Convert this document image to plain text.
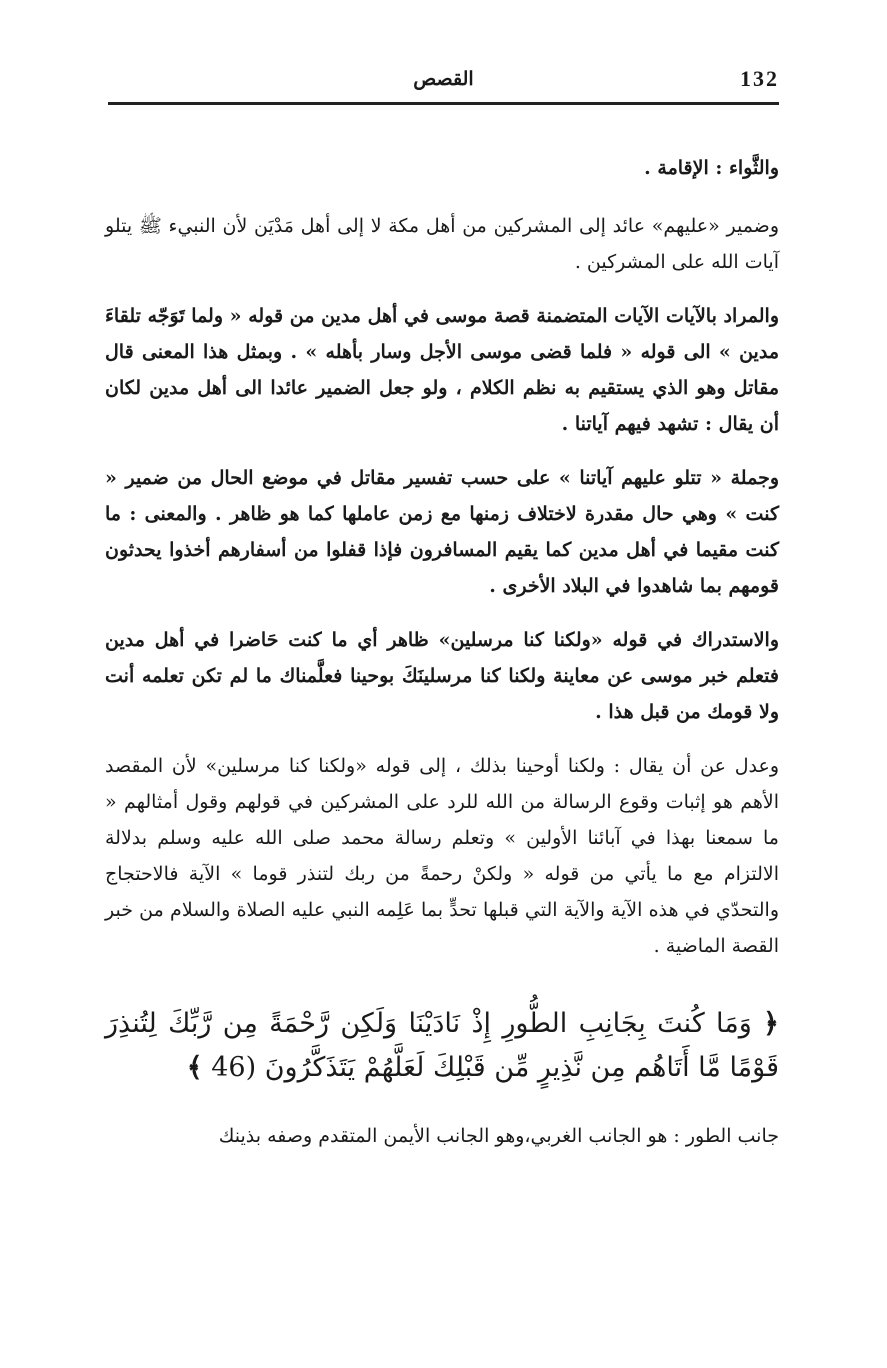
132
القصص

والثَّواء : الإقامة .

وضمير «عليهم» عائد إلى المشركين من أهل مكة لا إلى أهل مَدْيَن لأن النبيء ﷺ يتلو آيات الله على المشركين .

والمراد بالآيات الآيات المتضمنة قصة موسى في أهل مدين من قوله « ولما تَوَجّه تلقاءَ مدين » الى قوله « فلما قضى موسى الأجل وسار بأهله » . وبمثل هذا المعنى قال مقاتل وهو الذي يستقيم به نظم الكلام ، ولو جعل الضمير عائدا الى أهل مدين لكان أن يقال : تشهد فيهم آياتنا .

وجملة « تتلو عليهم آياتنا » على حسب تفسير مقاتل في موضع الحال من ضمير « كنت » وهي حال مقدرة لاختلاف زمنها مع زمن عاملها كما هو ظاهر . والمعنى : ما كنت مقيما في أهل مدين كما يقيم المسافرون فإذا قفلوا من أسفارهم أخذوا يحدثون قومهم بما شاهدوا في البلاد الأخرى .

والاستدراك في قوله «ولكنا كنا مرسلين» ظاهر أي ما كنت حَاضرا في أهل مدين فتعلم خبر موسى عن معاينة ولكنا كنا مرسلينَكَ بوحينا فعلَّمناك ما لم تكن تعلمه أنت ولا قومك من قبل هذا .

وعدل عن أن يقال : ولكنا أوحينا بذلك ، إلى قوله «ولكنا كنا مرسلين» لأن المقصد الأهم هو إثبات وقوع الرسالة من الله للرد على المشركين في قولهم وقول أمثالهم « ما سمعنا بهذا في آبائنا الأولين » وتعلم رسالة محمد صلى الله عليه وسلم بدلالة الالتزام مع ما يأتي من قوله « ولكنْ رحمةً من ربك لتنذر قوما » الآية فالاحتجاج والتحدّي في هذه الآية والآية التي قبلها تحدٍّ بما عَلِمه النبي عليه الصلاة والسلام من خبر القصة الماضية .

﴿ وَمَا كُنتَ بِجَانِبِ الطُّورِ إِذْ نَادَيْنَا وَلَكِن رَّحْمَةً مِن رَّبِّكَ لِتُنذِرَ قَوْمًا مَّا أَتَاهُم مِن نَّذِيرٍ مِّن قَبْلِكَ لَعَلَّهُمْ يَتَذَكَّرُونَ (46 ﴾

جانب الطور : هو الجانب الغربي،وهو الجانب الأيمن المتقدم وصفه بذينك
